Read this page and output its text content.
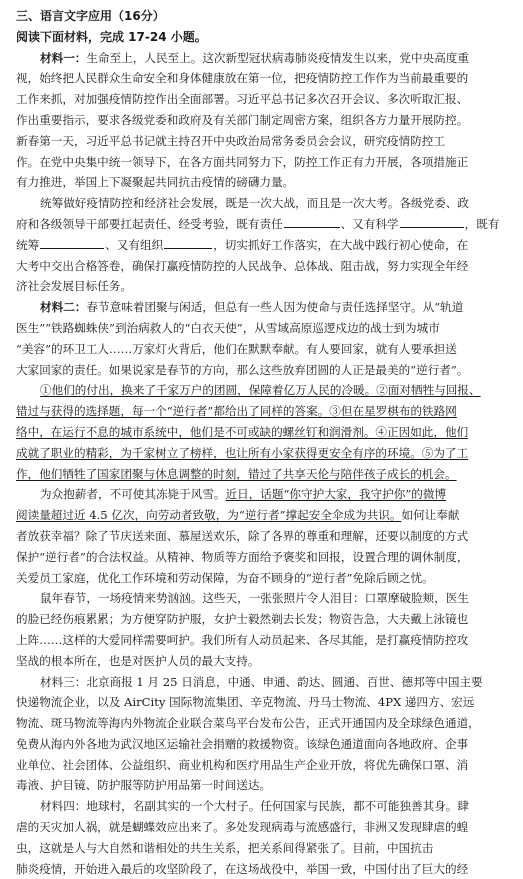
三、语言文字应用（16分）
阅读下面材料，完成 17-24 小题。
材料一：生命至上，人民至上。这次新型冠状病毒肺炎疫情发生以来，党中央高度重
视，始终把人民群众生命安全和身体健康放在第一位，把疫情防控工作作为当前最重要的
工作来抓，对加强疫情防控作出全面部署。习近平总书记多次召开会议、多次听取汇报、
作出重要指示，要求各级党委和政府及有关部门制定周密方案，组织各方力量开展防控。
新春第一天，习近平总书记就主持召开中央政治局常务委员会会议，研究疫情防控工
作。在党中央集中统一领导下，在各方面共同努力下，防控工作正有力开展，各项措施正
有力推进，举国上下凝聚起共同抗击疫情的磅礴力量。
统筹做好疫情防控和经济社会发展，既是一次大战，而且是一次大考。各级党委、政
府和各级领导干部要扛起责任、经受考验，既有责任	、又有科学	，既有
统筹	、又有组织	，切实抓好工作落实，在大战中践行初心使命，在
大考中交出合格答卷，确保打赢疫情防控的人民战争、总体战、阻击战，努力实现全年经
济社会发展目标任务。
材料二：春节意味着团聚与闲适，但总有一些人因为使命与责任选择坚守。从“轨道
医生”“铁路蜘蛛侠”到治病救人的“白衣天使”，从雪域高原巡逻戍边的战士到为城市
“美容”的环卫工人……万家灯火背后，他们在默默奉献。有人要回家，就有人要承担送
大家回家的责任。如果说家是春节的方向，那么这些放弃团圆的人正是最美的“逆行者”。
①他们的付出，换来了千家万户的团圆，保障着亿万人民的冷暖。②面对牺牲与回报、
错过与获得的选择题，每一个“逆行者”都给出了同样的答案。③但在星罗棋布的铁路网
络中，在运行不息的城市系统中，他们是不可或缺的螺丝钉和润滑剂。④正因如此，他们
成就了职业的精彩，为千家树立了榜样，也让所有小家获得更安全有序的环境。⑤为了工
作，他们牺牲了国家团聚与休息调整的时刻，错过了共享天伦与陪伴孩子成长的机会。
为众抱薪者，不可使其冻毙于风雪。近日，话题“你守护大家，我守护你”的微博
阅读量超过近 4.5 亿次，向劳动者致敬，为“逆行者”撑起安全伞成为共识。如何让奉献
者放获幸福？除了节庆送来面、慕屋送欢乐，除了各界的尊重和理解，还要以制度的方式
保护“逆行者”的合法权益。从精神、物质等方面给予褒奖和回报，设置合理的调休制度，
关爱员工家庭，优化工作环境和劳动保障，为奋不顾身的“逆行者”免除后顾之忧。
鼠年春节，一场疫情来势汹汹。这些天，一张张照片令人泪目：口罩摩破脸颊，医生
的脸已经伤痕累累；为方便穿防护服，女护士毅然剃去长发；物资告急，大夫戴上泳镜也
上阵……这样的大爱同样需要呵护。我们所有人动员起来、各尽其能，是打赢疫情防控攻
坚战的根本所在，也是对医护人员的最大支持。
材料三：北京商报 1 月 25 日消息，中通、申通、韵达、圆通、百世、德邦等中国主要
快递物流企业，以及 AirCity 国际物流集团、辛克物流、丹马士物流、4PX 递四方、宏远
物流、斑马物流等海内外物流企业联合菜鸟平台发布公告，正式开通国内及全球绿色通道，
免费从海内外各地为武汉地区运输社会捐赠的救援物资。该绿色通道面向各地政府、企事
业单位、社会团体、公益组织、商业机构和医疗用品生产企业开放，将优先确保口罩、消
毒液、护目镜、防护服等防护用品第一时间送达。
材料四：地球村，名副其实的一个大村子。任何国家与民族，都不可能独善其身。肆
虐的天灾加人祸，就是蝴蝶效应出来了。多处发现病毒与流感盛行，非洲又发现肆虐的蝗
虫，这就是人与大自然和谐相处的共生关系，把关系间得紧张了。目前，中国抗击
肺炎疫情，开始进入最后的攻坚阶段了，在这场战役中，举国一致，中国付出了巨大的经
